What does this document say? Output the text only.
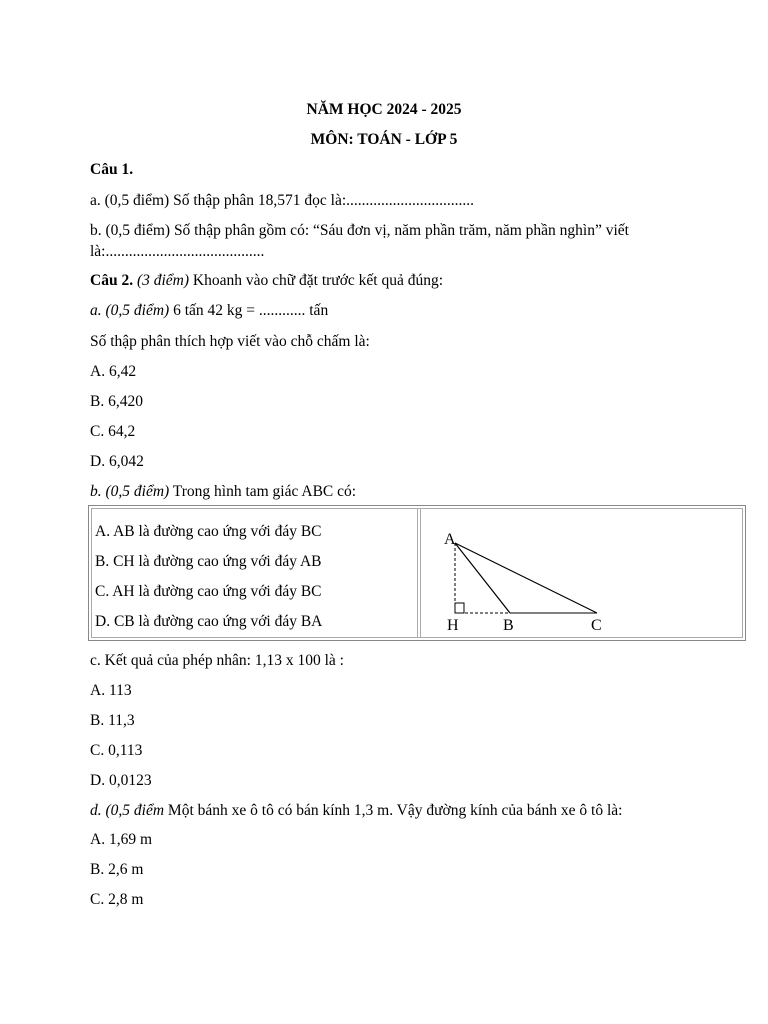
NĂM HỌC 2024 - 2025
MÔN: TOÁN - LỚP 5
Câu 1.
a. (0,5 điểm) Số thập phân 18,571 đọc là:.................................
b. (0,5 điểm) Số thập phân gồm có: “Sáu đơn vị, năm phần trăm, năm phần nghìn” viết
là:.........................................
Câu 2. (3 điểm) Khoanh vào chữ đặt trước kết quả đúng:
a. (0,5 điểm) 6 tấn 42 kg = ............ tấn
Số thập phân thích hợp viết vào chỗ chấm là:
A. 6,42
B. 6,420
C. 64,2
D. 6,042
b. (0,5 điểm) Trong hình tam giác ABC có:
A. AB là đường cao ứng với đáy BC
B. CH là đường cao ứng với đáy AB
C. AH là đường cao ứng với đáy BC
D. CB là đường cao ứng với đáy BA
A
H	B	C
c. Kết quả của phép nhân: 1,13 x 100 là :
A. 113
B. 11,3
C. 0,113
D. 0,0123
d. (0,5 điểm Một bánh xe ô tô có bán kính 1,3 m. Vậy đường kính của bánh xe ô tô là:
A. 1,69 m
B. 2,6 m
C. 2,8 m
